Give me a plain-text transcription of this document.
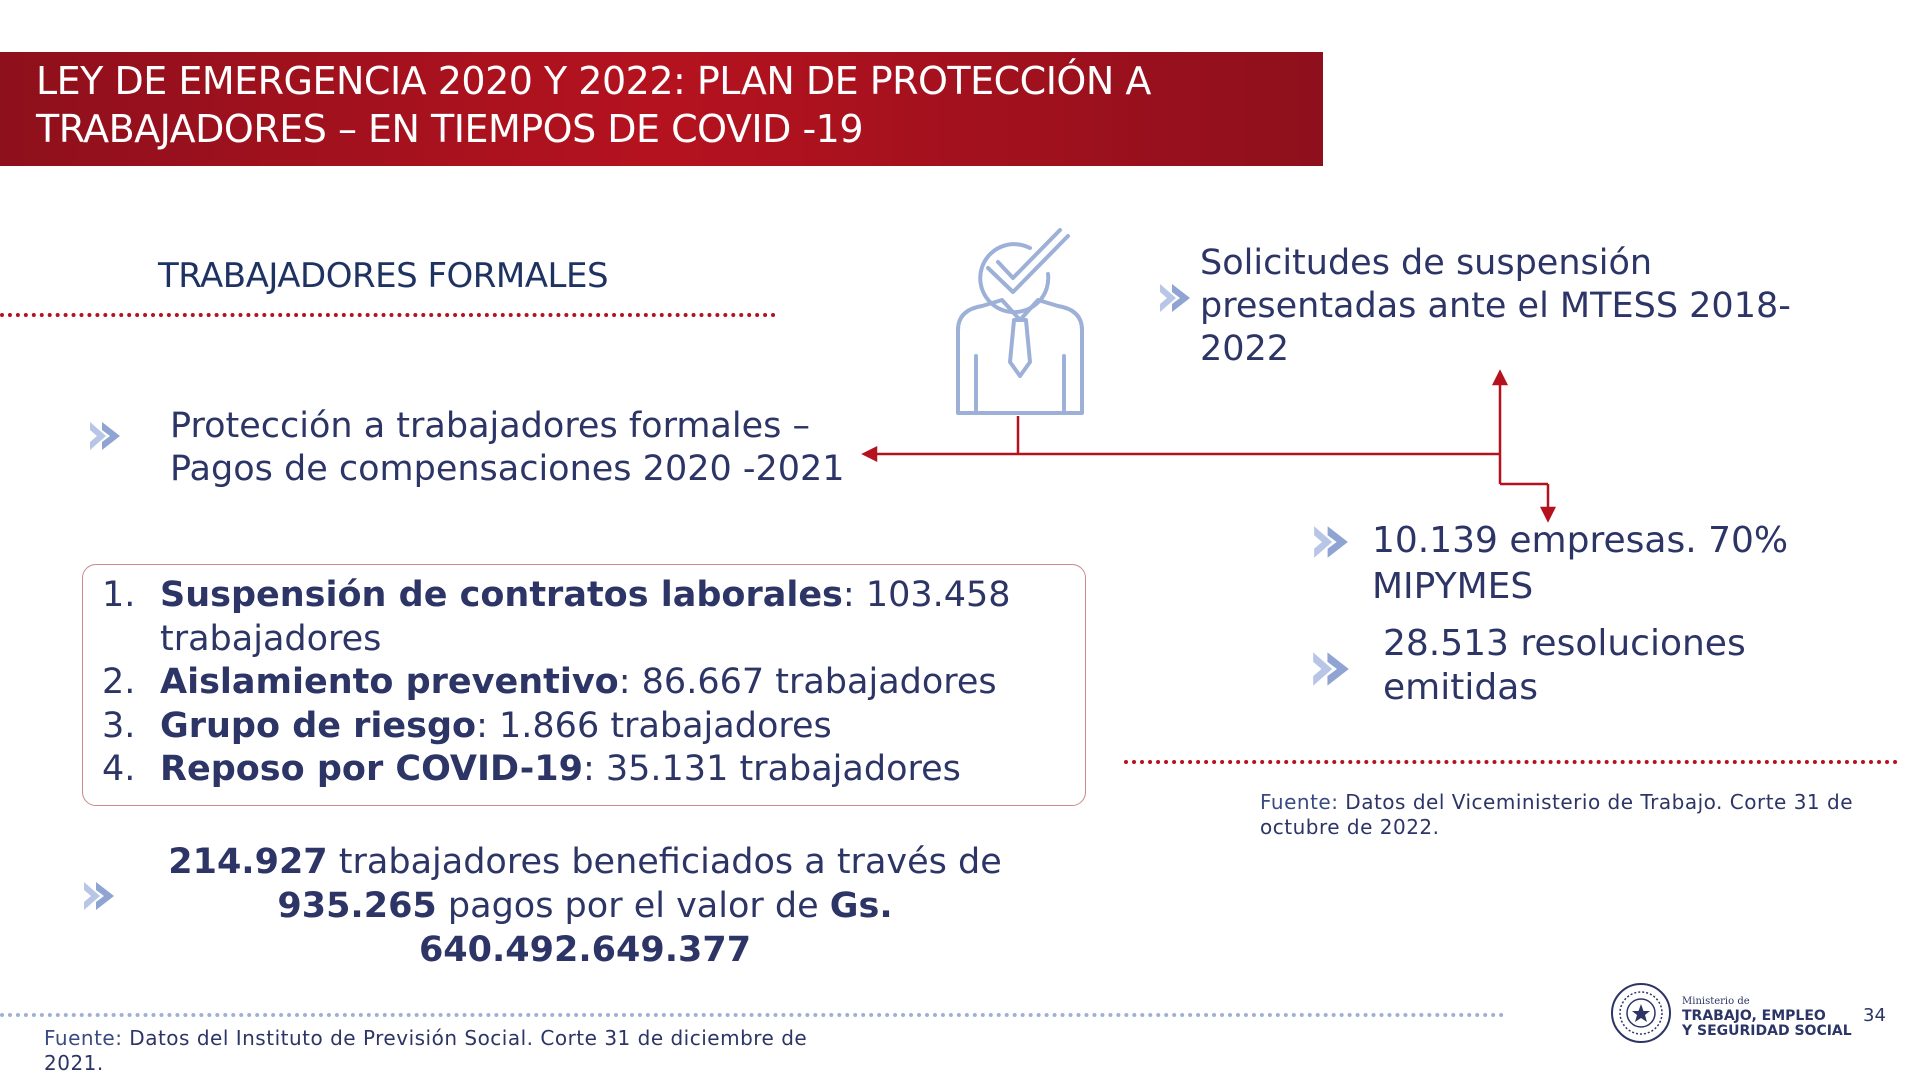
LEY DE EMERGENCIA 2020 Y 2022: PLAN DE PROTECCIÓN A
TRABAJADORES – EN TIEMPOS DE COVID -19
TRABAJADORES FORMALES
Protección a trabajadores formales –
Pagos de compensaciones 2020 -2021
1. Suspensión de contratos laborales: 103.458
trabajadores
2. Aislamiento preventivo: 86.667 trabajadores
3. Grupo de riesgo: 1.866 trabajadores
4. Reposo por COVID-19: 35.131 trabajadores
214.927 trabajadores beneficiados a través de
935.265 pagos por el valor de Gs.
640.492.649.377
Fuente: Datos del Instituto de Previsión Social. Corte 31 de diciembre de
2021.
Solicitudes de suspensión
presentadas ante el MTESS 2018-
2022
10.139 empresas. 70%
MIPYMES
28.513 resoluciones
emitidas
Fuente: Datos del Viceministerio de Trabajo. Corte 31 de
octubre de 2022.
Ministerio de
TRABAJO, EMPLEO
Y SEGURIDAD SOCIAL
34
